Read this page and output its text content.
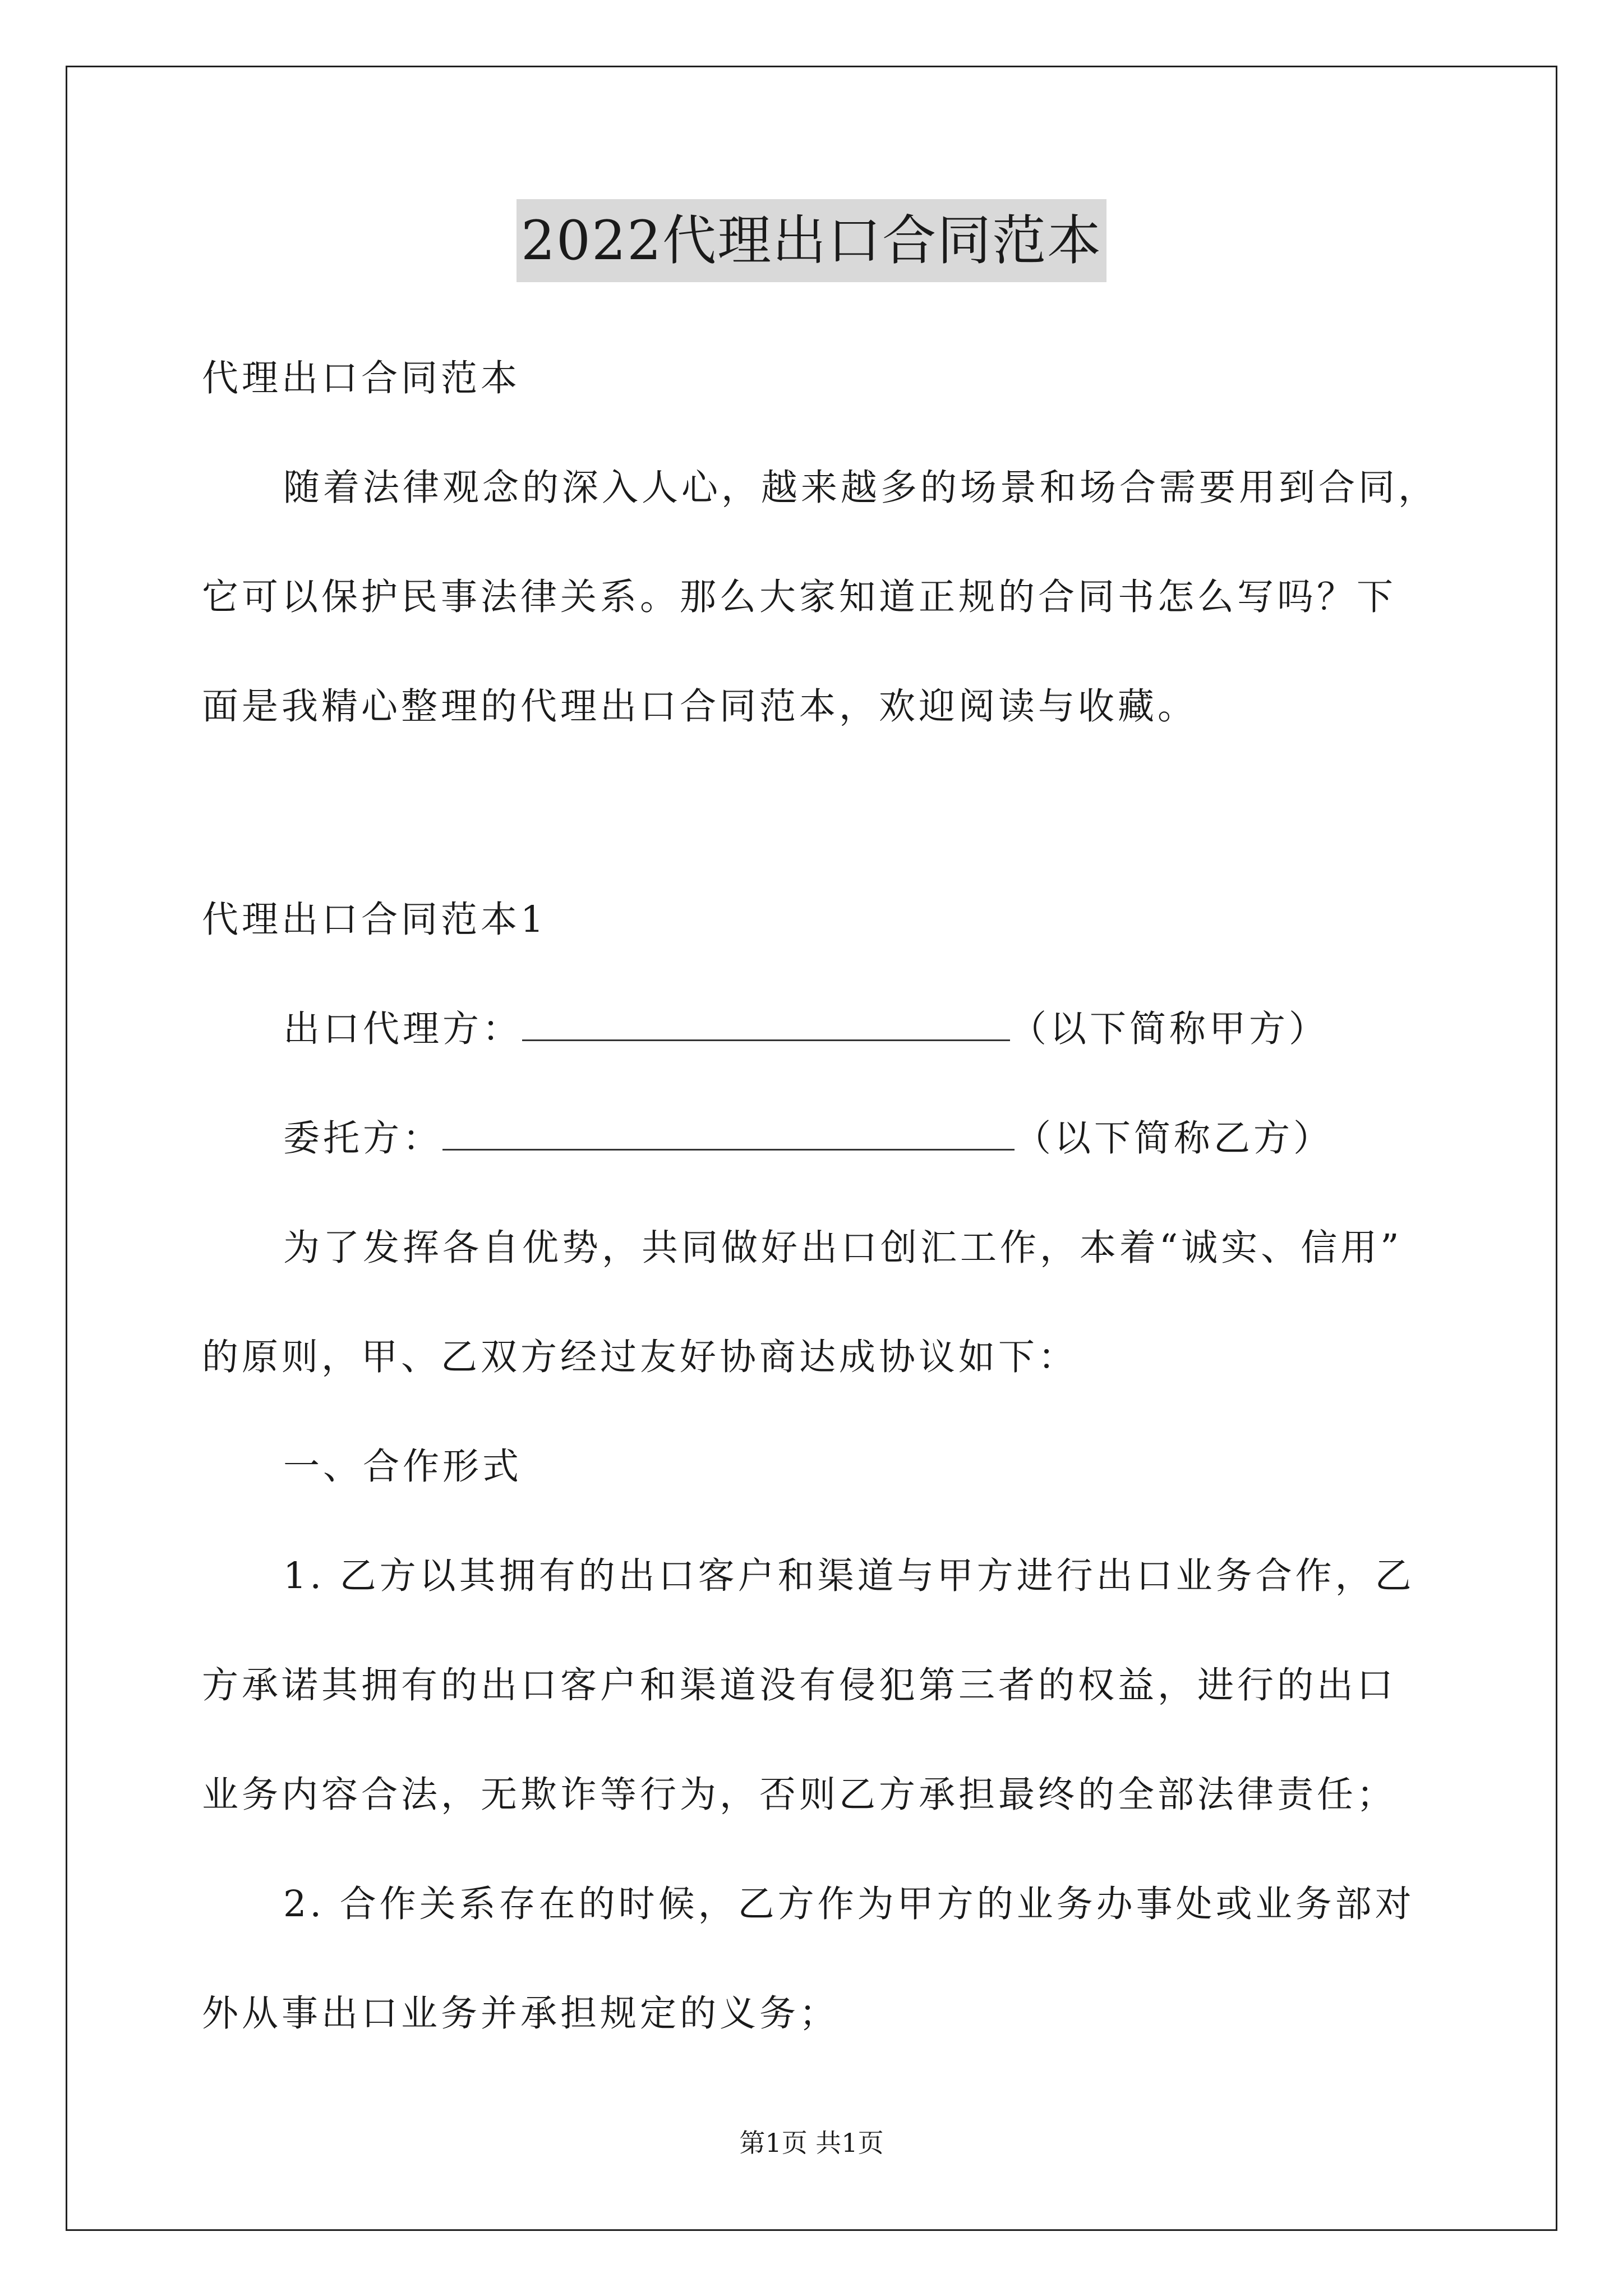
2022代理出口合同范本
代理出口合同范本
随着法律观念的深入人心，越来越多的场景和场合需要用到合同，
它可以保护民事法律关系。那么大家知道正规的合同书怎么写吗？下
面是我精心整理的代理出口合同范本，欢迎阅读与收藏。
代理出口合同范本1
出口代理方：	（以下简称甲方）
委托方：	（以下简称乙方）
为了发挥各自优势，共同做好出口创汇工作，本着“诚实、信用”
的原则，甲、乙双方经过友好协商达成协议如下：
一、合作形式
1. 乙方以其拥有的出口客户和渠道与甲方进行出口业务合作，乙
方承诺其拥有的出口客户和渠道没有侵犯第三者的权益，进行的出口
业务内容合法，无欺诈等行为，否则乙方承担最终的全部法律责任；
2. 合作关系存在的时候，乙方作为甲方的业务办事处或业务部对
外从事出口业务并承担规定的义务；
第1页 共1页
